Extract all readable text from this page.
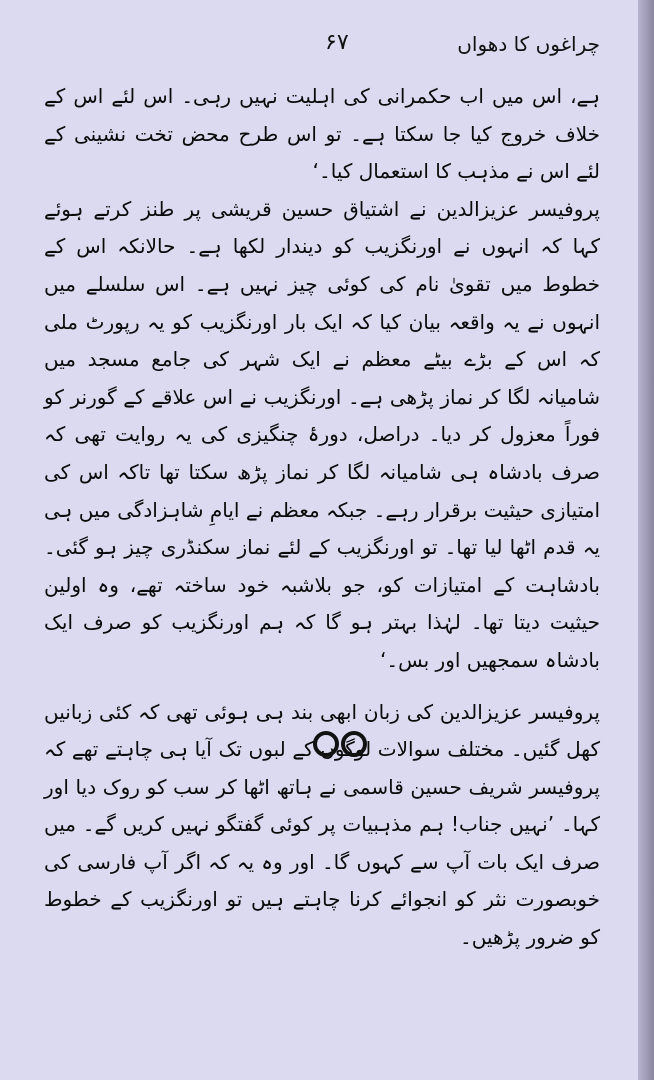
چراغوں کا دھواں
۶۷

ہے، اس میں اب حکمرانی کی اہلیت نہیں رہی۔ اس لئے اس کے خلاف خروج کیا جا سکتا ہے۔ تو اس طرح محض تخت نشینی کے لئے اس نے مذہب کا استعمال کیا۔‘

پروفیسر عزیزالدین نے اشتیاق حسین قریشی پر طنز کرتے ہوئے کہا کہ انہوں نے اورنگزیب کو دیندار لکھا ہے۔ حالانکہ اس کے خطوط میں تقویٰ نام کی کوئی چیز نہیں ہے۔ اس سلسلے میں انہوں نے یہ واقعہ بیان کیا کہ ایک بار اورنگزیب کو یہ رپورٹ ملی کہ اس کے بڑے بیٹے معظم نے ایک شہر کی جامع مسجد میں شامیانہ لگا کر نماز پڑھی ہے۔ اورنگزیب نے اس علاقے کے گورنر کو فوراً معزول کر دیا۔ دراصل، دورۂ چنگیزی کی یہ روایت تھی کہ صرف بادشاہ ہی شامیانہ لگا کر نماز پڑھ سکتا تھا تاکہ اس کی امتیازی حیثیت برقرار رہے۔ جبکہ معظم نے ایامِ شاہزادگی میں ہی یہ قدم اٹھا لیا تھا۔ تو اورنگزیب کے لئے نماز سکنڈری چیز ہو گئی۔ بادشاہت کے امتیازات کو، جو بلاشبہ خود ساختہ تھے، وہ اولین حیثیت دیتا تھا۔ لہٰذا بہتر ہو گا کہ ہم اورنگزیب کو صرف ایک بادشاہ سمجھیں اور بس۔‘

پروفیسر عزیزالدین کی زبان ابھی بند ہی ہوئی تھی کہ کئی زبانیں کھل گئیں۔ مختلف سوالات لوگوں کے لبوں تک آیا ہی چاہتے تھے کہ پروفیسر شریف حسین قاسمی نے ہاتھ اٹھا کر سب کو روک دیا اور کہا۔ ’نہیں جناب! ہم مذہبیات پر کوئی گفتگو نہیں کریں گے۔ میں صرف ایک بات آپ سے کہوں گا۔ اور وہ یہ کہ اگر آپ فارسی کی خوبصورت نثر کو انجوائے کرنا چاہتے ہیں تو اورنگزیب کے خطوط کو ضرور پڑھیں۔
